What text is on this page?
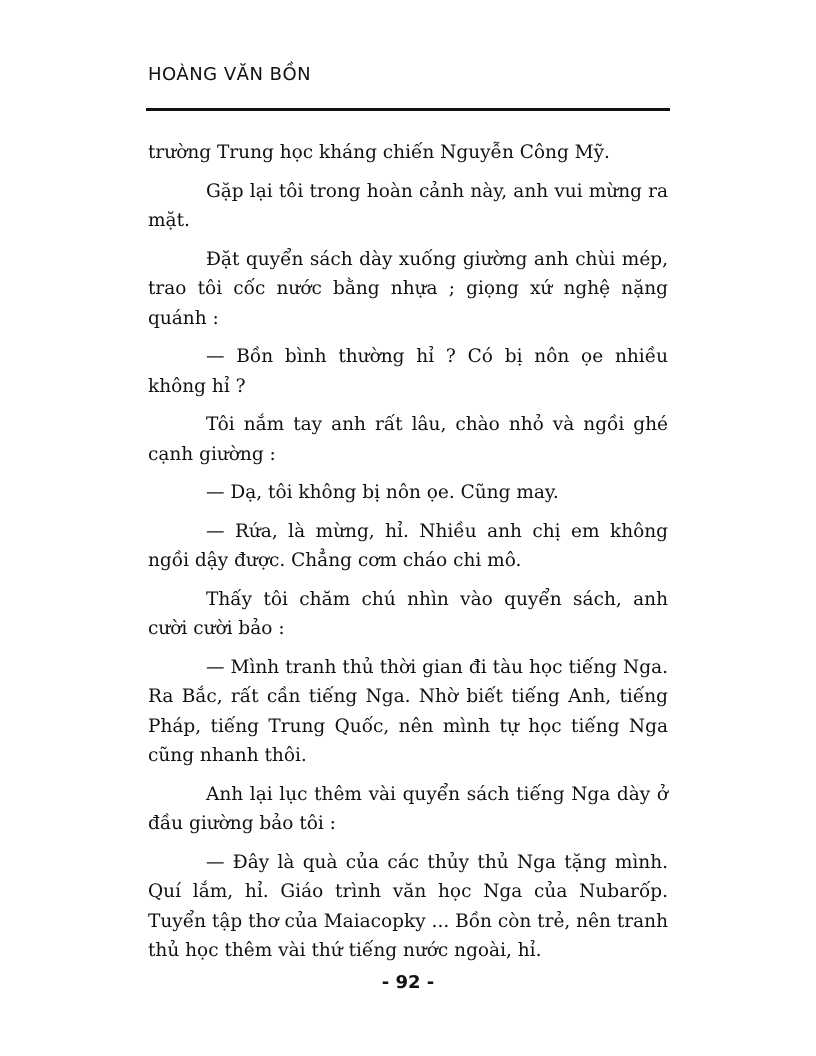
HOÀNG VĂN BỒN

trường Trung học kháng chiến Nguyễn Công Mỹ.

Gặp lại tôi trong hoàn cảnh này, anh vui mừng ra mặt.

Đặt quyển sách dày xuống giường anh chùi mép, trao tôi cốc nước bằng nhựa ; giọng xứ nghệ nặng quánh :

— Bồn bình thường hỉ ? Có bị nôn ọe nhiều không hỉ ?

Tôi nắm tay anh rất lâu, chào nhỏ và ngồi ghé cạnh giường :

— Dạ, tôi không bị nôn ọe. Cũng may.

— Rứa, là mừng, hỉ. Nhiều anh chị em không ngồi dậy được. Chẳng cơm cháo chi mô.

Thấy tôi chăm chú nhìn vào quyển sách, anh cười cười bảo :

— Mình tranh thủ thời gian đi tàu học tiếng Nga. Ra Bắc, rất cần tiếng Nga. Nhờ biết tiếng Anh, tiếng Pháp, tiếng Trung Quốc, nên mình tự học tiếng Nga cũng nhanh thôi.

Anh lại lục thêm vài quyển sách tiếng Nga dày ở đầu giường bảo tôi :

— Đây là quà của các thủy thủ Nga tặng mình. Quí lắm, hỉ. Giáo trình văn học Nga của Nubarốp. Tuyển tập thơ của Maiacopky ... Bồn còn trẻ, nên tranh thủ học thêm vài thứ tiếng nước ngoài, hỉ.

- 92 -
